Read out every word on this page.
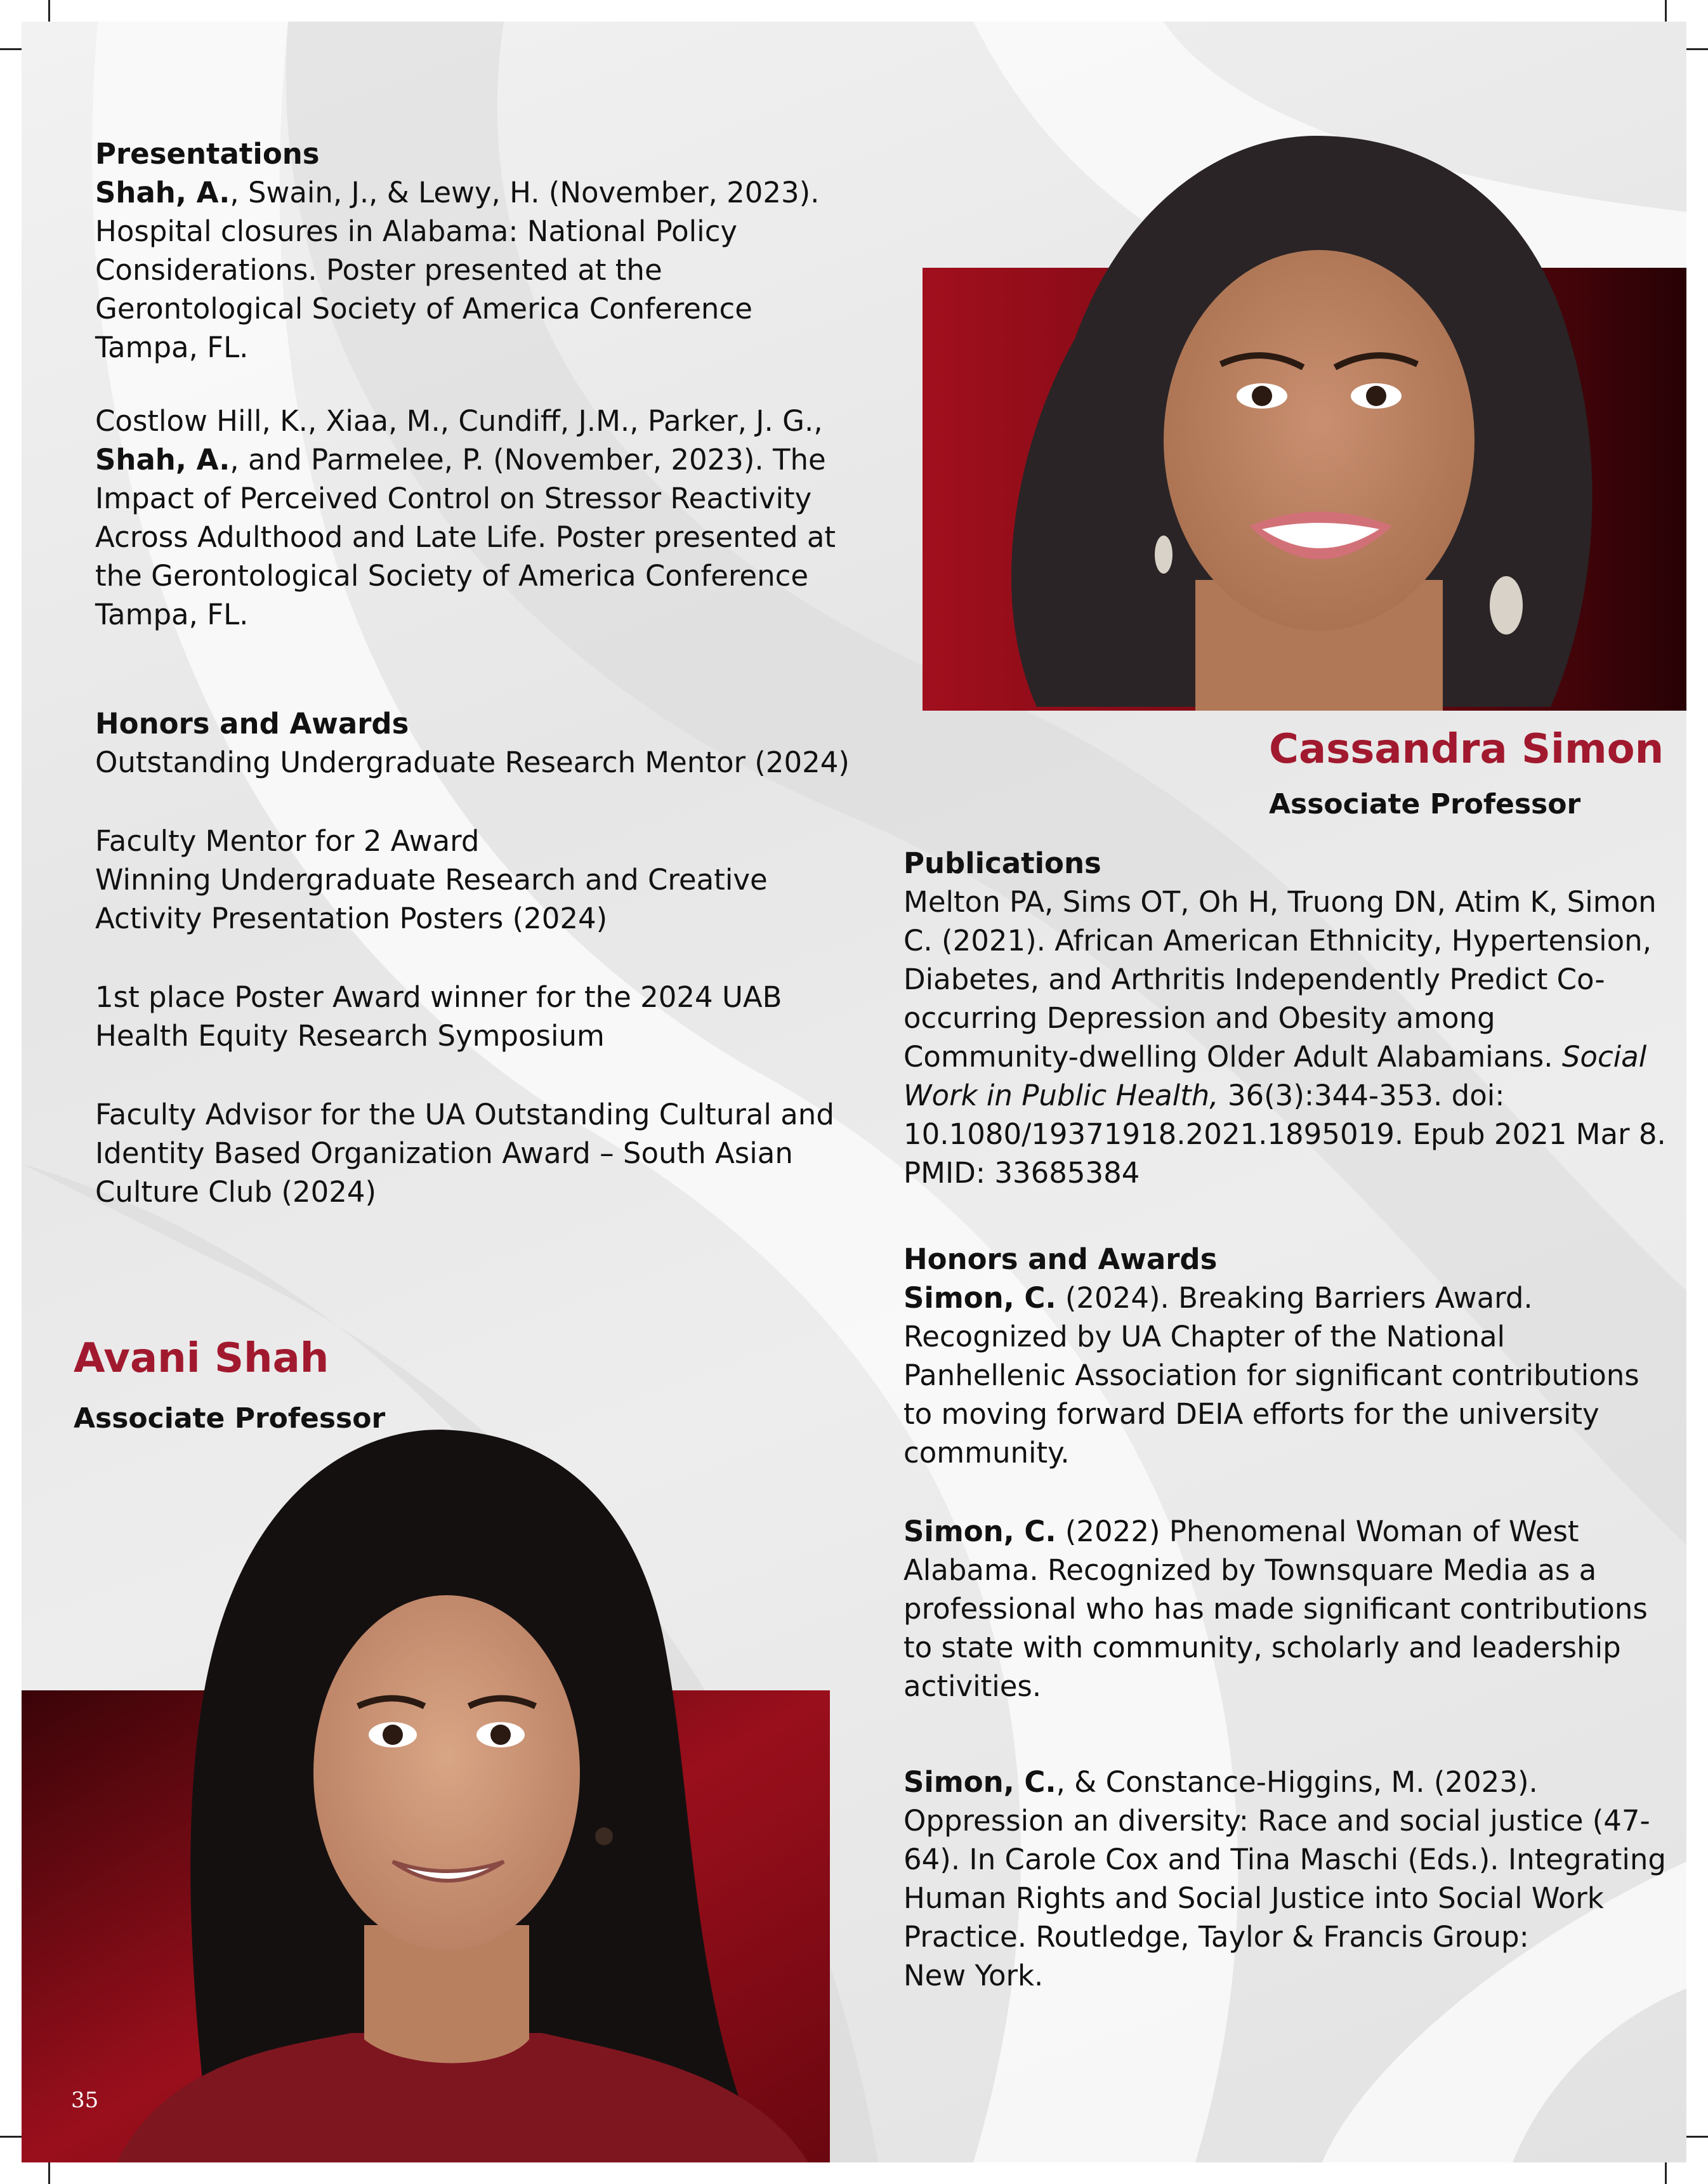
Presentations

Shah, A., Swain, J., & Lewy, H. (November, 2023).

Hospital closures in Alabama: National Policy

Considerations. Poster presented at the

Gerontological Society of America Conference

Tampa, FL.

Costlow Hill, K., Xiaa, M., Cundiff, J.M., Parker, J. G.,

Shah, A., and Parmelee, P. (November, 2023). The

Impact of Perceived Control on Stressor Reactivity

Across Adulthood and Late Life. Poster presented at

the Gerontological Society of America Conference

Tampa, FL.

Honors and Awards

Outstanding Undergraduate Research Mentor (2024)

Faculty Mentor for 2 Award

Winning Undergraduate Research and Creative

Activity Presentation Posters (2024)

1st place Poster Award winner for the 2024 UAB

Health Equity Research Symposium

Faculty Advisor for the UA Outstanding Cultural and

Identity Based Organization Award – South Asian

Culture Club (2024)

Avani Shah
Associate Professor
35
Cassandra Simon
Associate Professor

Publications

Melton PA, Sims OT, Oh H, Truong DN, Atim K, Simon

C. (2021). African American Ethnicity, Hypertension,

Diabetes, and Arthritis Independently Predict Co-

occurring Depression and Obesity among

Community-dwelling Older Adult Alabamians. Social

Work in Public Health, 36(3):344-353. doi:

10.1080/19371918.2021.1895019. Epub 2021 Mar 8.

PMID: 33685384

Honors and Awards

Simon, C. (2024). Breaking Barriers Award.

Recognized by UA Chapter of the National

Panhellenic Association for significant contributions

to moving forward DEIA efforts for the university

community.

Simon, C. (2022) Phenomenal Woman of West

Alabama. Recognized by Townsquare Media as a

professional who has made significant contributions

to state with community, scholarly and leadership

activities.

Simon, C., & Constance-Higgins, M. (2023).

Oppression an diversity: Race and social justice (47-

64). In Carole Cox and Tina Maschi (Eds.). Integrating

Human Rights and Social Justice into Social Work

Practice. Routledge, Taylor & Francis Group:

New York.
